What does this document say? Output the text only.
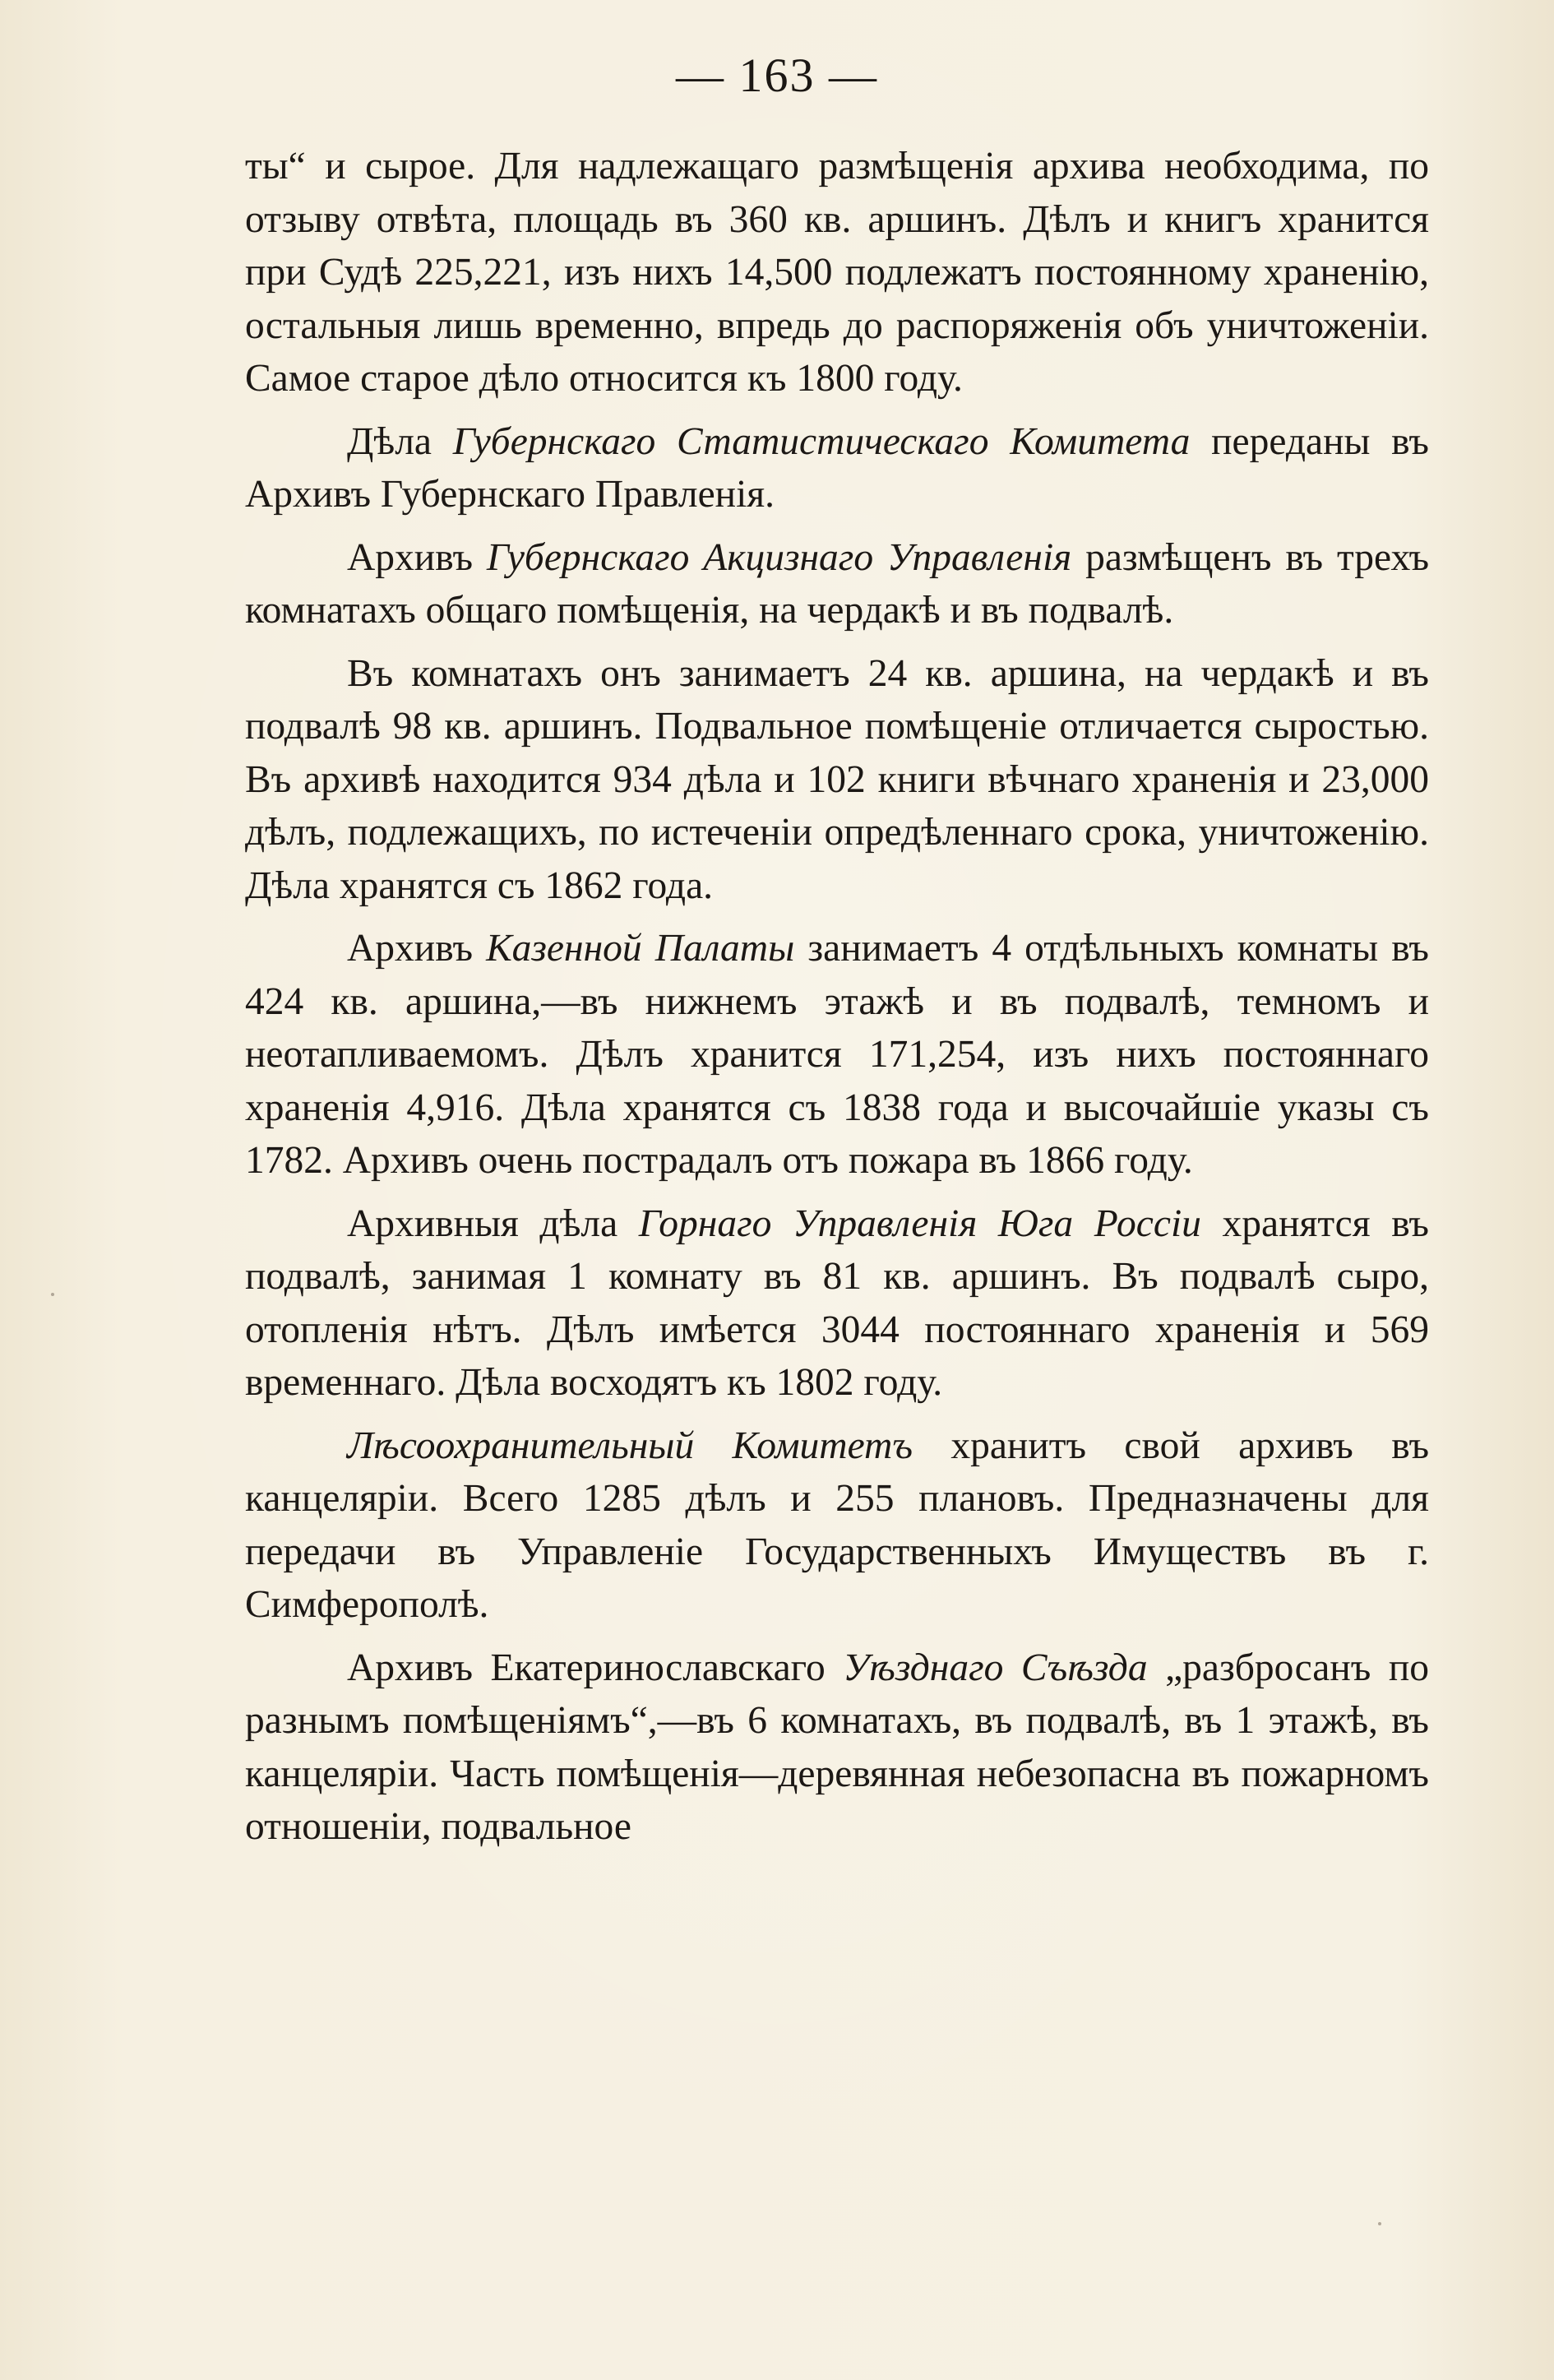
— 163 —

ты“ и сырое. Для надлежащаго размѣщенія архива необходима, по отзыву отвѣта, площадь въ 360 кв. аршинъ. Дѣлъ и книгъ хранится при Судѣ 225,221, изъ нихъ 14,500 подлежатъ постоянному храненію, остальныя лишь временно, впредь до распоряженія объ уничтоженіи. Самое старое дѣло относится къ 1800 году.

Дѣла Губернскаго Статистическаго Комитета переданы въ Архивъ Губернскаго Правленія.

Архивъ Губернскаго Акцизнаго Управленія размѣщенъ въ трехъ комнатахъ общаго помѣщенія, на чердакѣ и въ подвалѣ.

Въ комнатахъ онъ занимаетъ 24 кв. аршина, на чердакѣ и въ подвалѣ 98 кв. аршинъ. Подвальное помѣщеніе отличается сыростью. Въ архивѣ находится 934 дѣла и 102 книги вѣчнаго храненія и 23,000 дѣлъ, подлежащихъ, по истеченіи опредѣленнаго срока, уничтоженію. Дѣла хранятся съ 1862 года.

Архивъ Казенной Палаты занимаетъ 4 отдѣльныхъ комнаты въ 424 кв. аршина,—въ нижнемъ этажѣ и въ подвалѣ, темномъ и неотапливаемомъ. Дѣлъ хранится 171,254, изъ нихъ постояннаго храненія 4,916. Дѣла хранятся съ 1838 года и высочайшіе указы съ 1782. Архивъ очень пострадалъ отъ пожара въ 1866 году.

Архивныя дѣла Горнаго Управленія Юга Россіи хранятся въ подвалѣ, занимая 1 комнату въ 81 кв. аршинъ. Въ подвалѣ сыро, отопленія нѣтъ. Дѣлъ имѣется 3044 постояннаго храненія и 569 временнаго. Дѣла восходятъ къ 1802 году.

Лѣсоохранительный Комитетъ хранитъ свой архивъ въ канцеляріи. Всего 1285 дѣлъ и 255 плановъ. Предназначены для передачи въ Управленіе Государственныхъ Имуществъ въ г. Симферополѣ.

Архивъ Екатеринославскаго Уѣзднаго Съѣзда „разбросанъ по разнымъ помѣщеніямъ“,—въ 6 комнатахъ, въ подвалѣ, въ 1 этажѣ, въ канцеляріи. Часть помѣщенія—деревянная небезопасна въ пожарномъ отношеніи, подвальное
